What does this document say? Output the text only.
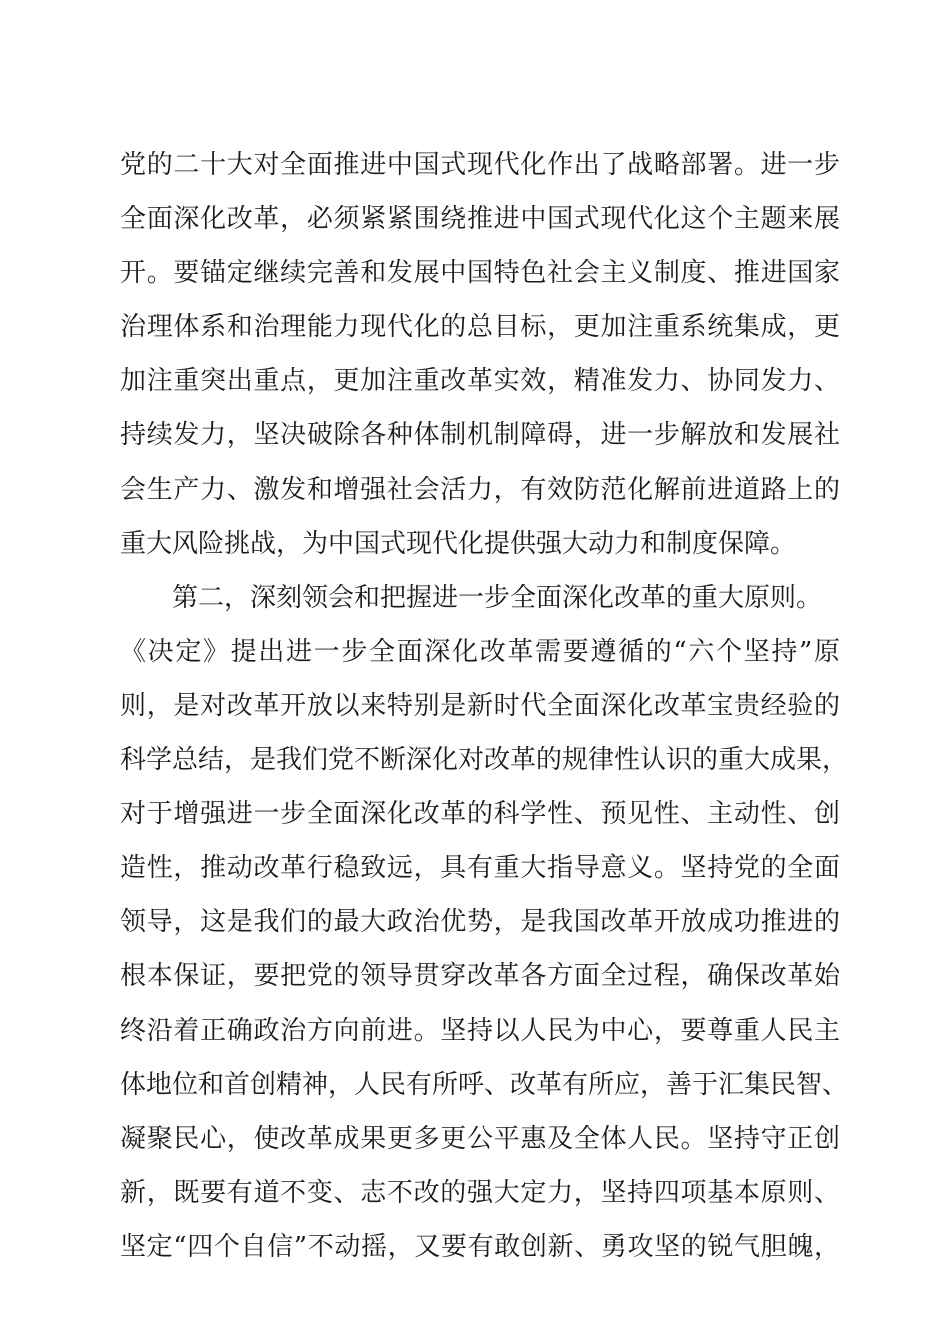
党的二十大对全面推进中国式现代化作出了战略部署。进一步
全面深化改革，必须紧紧围绕推进中国式现代化这个主题来展
开。要锚定继续完善和发展中国特色社会主义制度、推进国家
治理体系和治理能力现代化的总目标，更加注重系统集成，更
加注重突出重点，更加注重改革实效，精准发力、协同发力、
持续发力，坚决破除各种体制机制障碍，进一步解放和发展社
会生产力、激发和增强社会活力，有效防范化解前进道路上的
重大风险挑战，为中国式现代化提供强大动力和制度保障。
第二，深刻领会和把握进一步全面深化改革的重大原则。
《决定》提出进一步全面深化改革需要遵循的“六个坚持”原
则，是对改革开放以来特别是新时代全面深化改革宝贵经验的
科学总结，是我们党不断深化对改革的规律性认识的重大成果，
对于增强进一步全面深化改革的科学性、预见性、主动性、创
造性，推动改革行稳致远，具有重大指导意义。坚持党的全面
领导，这是我们的最大政治优势，是我国改革开放成功推进的
根本保证，要把党的领导贯穿改革各方面全过程，确保改革始
终沿着正确政治方向前进。坚持以人民为中心，要尊重人民主
体地位和首创精神，人民有所呼、改革有所应，善于汇集民智、
凝聚民心，使改革成果更多更公平惠及全体人民。坚持守正创
新，既要有道不变、志不改的强大定力，坚持四项基本原则、
坚定“四个自信”不动摇，又要有敢创新、勇攻坚的锐气胆魄，
